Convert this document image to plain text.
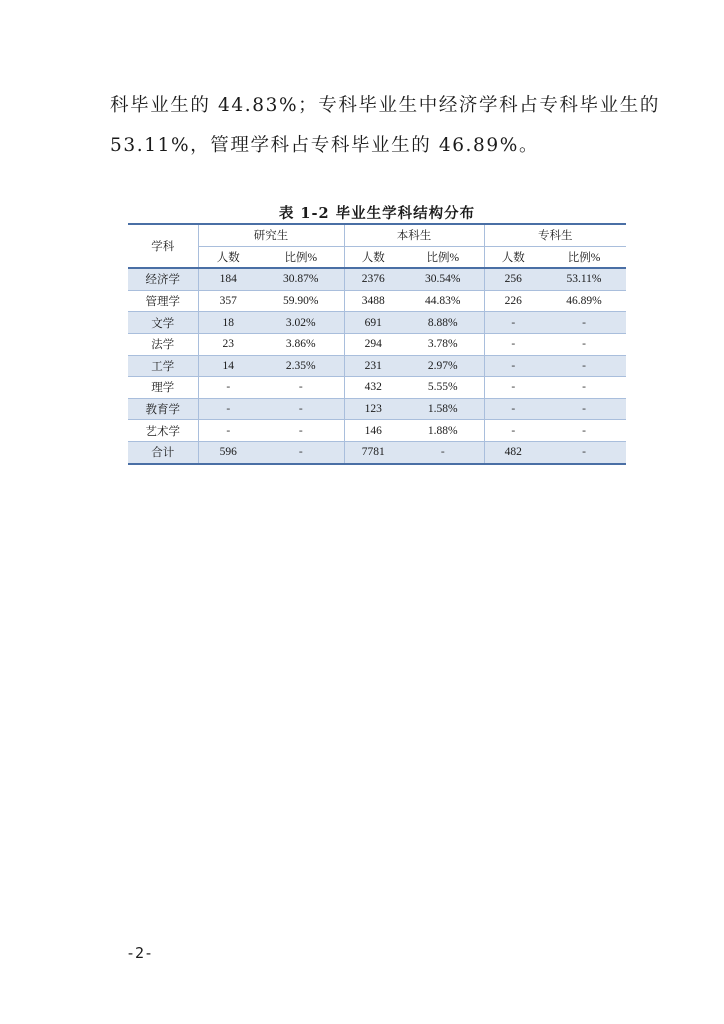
科毕业生的 44.83%；专科毕业生中经济学科占专科毕业生的
53.11%，管理学科占专科毕业生的 46.89%。
表 1-2 毕业生学科结构分布
学科	研究生		本科生		专科生	
	人数	比例%	人数	比例%	人数	比例%
经济学	184	30.87%	2376	30.54%	256	53.11%
管理学	357	59.90%	3488	44.83%	226	46.89%
文学	18	3.02%	691	8.88%	-	-
法学	23	3.86%	294	3.78%	-	-
工学	14	2.35%	231	2.97%	-	-
理学	-	-	432	5.55%	-	-
教育学	-	-	123	1.58%	-	-
艺术学	-	-	146	1.88%	-	-
合计	596	-	7781	-	482	-
-2-
